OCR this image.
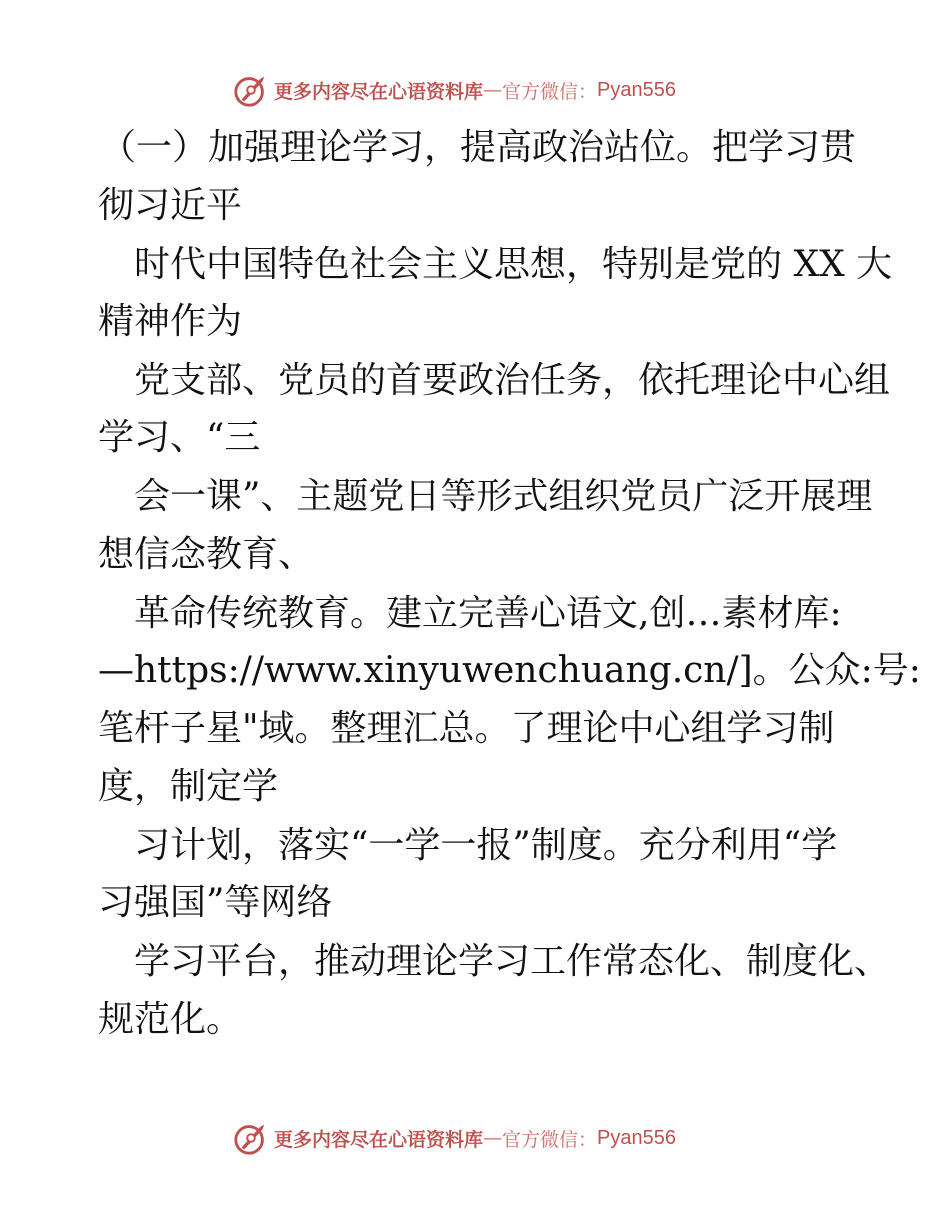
更多内容尽在心语资料库 — 官方微信： Pyan556
（一）加强理论学习，提高政治站位。把学习贯
彻习近平
时代中国特色社会主义思想，特别是党的 XX 大
精神作为
党支部、党员的首要政治任务，依托理论中心组
学习、“三
会一课”、主题党日等形式组织党员广泛开展理
想信念教育、
革命传统教育。建立完善心语文,创…素材库:
—https://www.xinyuwenchuang.cn/]。公众:号:
笔杆子星"域。整理汇总。了理论中心组学习制
度，制定学
习计划，落实“一学一报”制度。充分利用“学
习强国”等网络
学习平台，推动理论学习工作常态化、制度化、
规范化。
更多内容尽在心语资料库 — 官方微信： Pyan556
